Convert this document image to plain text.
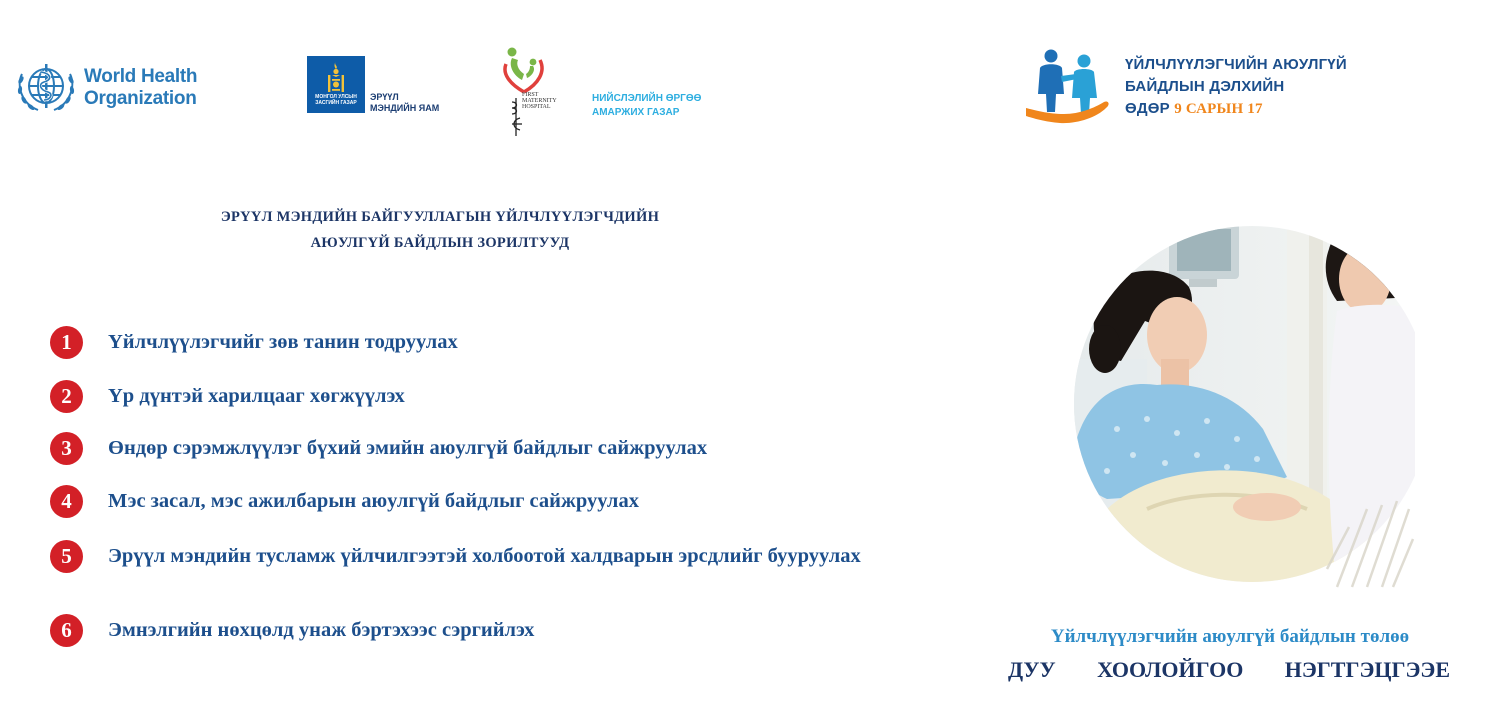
World Health
Organization	МОНГОЛ УЛСЫН
ЗАСГИЙН ГАЗАР
ЭРҮҮЛ
МЭНДИЙН ЯАМ
FIRST
MATERNITY
HOSPITAL
НИЙСЛЭЛИЙН ӨРГӨӨ
АМАРЖИХ ГАЗАР
ҮЙЛЧЛҮҮЛЭГЧИЙН АЮУЛГҮЙ
БАЙДЛЫН ДЭЛХИЙН
ӨДӨР 9 САРЫН 17
ЭРҮҮЛ МЭНДИЙН БАЙГУУЛЛАГЫН ҮЙЛЧЛҮҮЛЭГЧДИЙН
АЮУЛГҮЙ БАЙДЛЫН ЗОРИЛТУУД
1	Үйлчлүүлэгчийг зөв танин тодруулах
2	Үр дүнтэй харилцааг хөгжүүлэх
3	Өндөр сэрэмжлүүлэг бүхий эмийн аюулгүй байдлыг сайжруулах
4	Мэс засал, мэс ажилбарын аюулгүй байдлыг сайжруулах
5	Эрүүл мэндийн тусламж үйлчилгээтэй холбоотой халдварын эрсдлийг бууруулах
6	Эмнэлгийн нөхцөлд унаж бэртэхээс сэргийлэх	Үйлчлүүлэгчийн аюулгүй байдлын төлөө
ДУУ ХООЛОЙГОО НЭГТГЭЦГЭЭЕ
